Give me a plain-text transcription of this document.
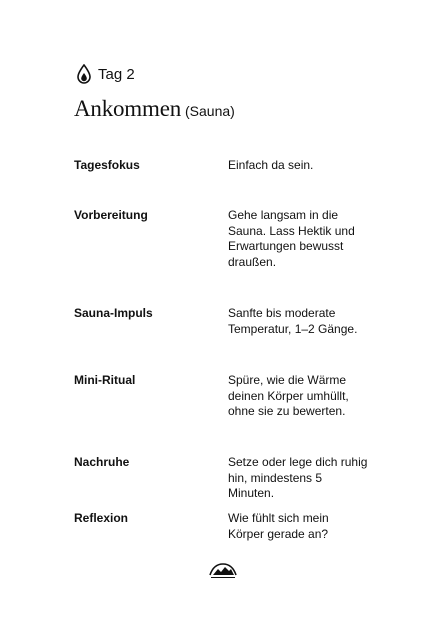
Tag 2
Ankommen (Sauna)
Tagesfokus	Einfach da sein.
Vorbereitung	Gehe langsam in die
Sauna. Lass Hektik und
Erwartungen bewusst
draußen.
Sauna-Impuls	Sanfte bis moderate
Temperatur, 1–2 Gänge.
Mini-Ritual	Spüre, wie die Wärme
deinen Körper umhüllt,
ohne sie zu bewerten.
Nachruhe	Setze oder lege dich ruhig
hin, mindestens 5
Minuten.
Reflexion	Wie fühlt sich mein
Körper gerade an?
